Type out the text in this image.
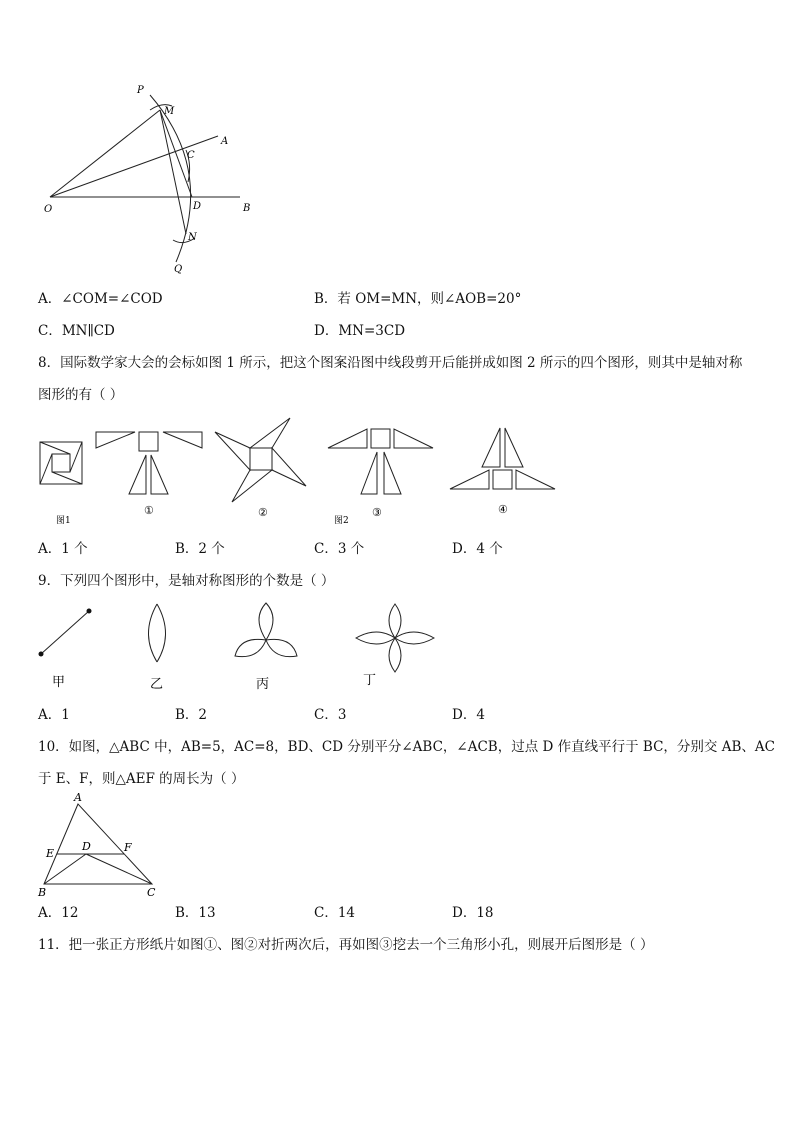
P
M
A
C
O	D	B
N
Q
A．∠COM=∠COD	B．若 OM=MN，则∠AOB=20°
C．MN∥CD	D．MN=3CD
8．国际数学家大会的会标如图 1 所示，把这个图案沿图中线段剪开后能拼成如图 2 所示的四个图形，则其中是轴对称
图形的有（ ）
图1
①	②
图2
③	④
A．1 个	B．2 个	C．3 个	D．4 个
9．下列四个图形中，是轴对称图形的个数是（ ）
甲	乙	丙	丁
A．1	B．2	C．3	D．4
10．如图，△ABC 中，AB=5，AC=8，BD、CD 分别平分∠ABC，∠ACB，过点 D 作直线平行于 BC，分别交 AB、AC
于 E、F，则△AEF 的周长为（ ）
A
E
D	F
B	C
A．12	B．13	C．14	D．18
11．把一张正方形纸片如图①、图②对折两次后，再如图③挖去一个三角形小孔，则展开后图形是（ ）
